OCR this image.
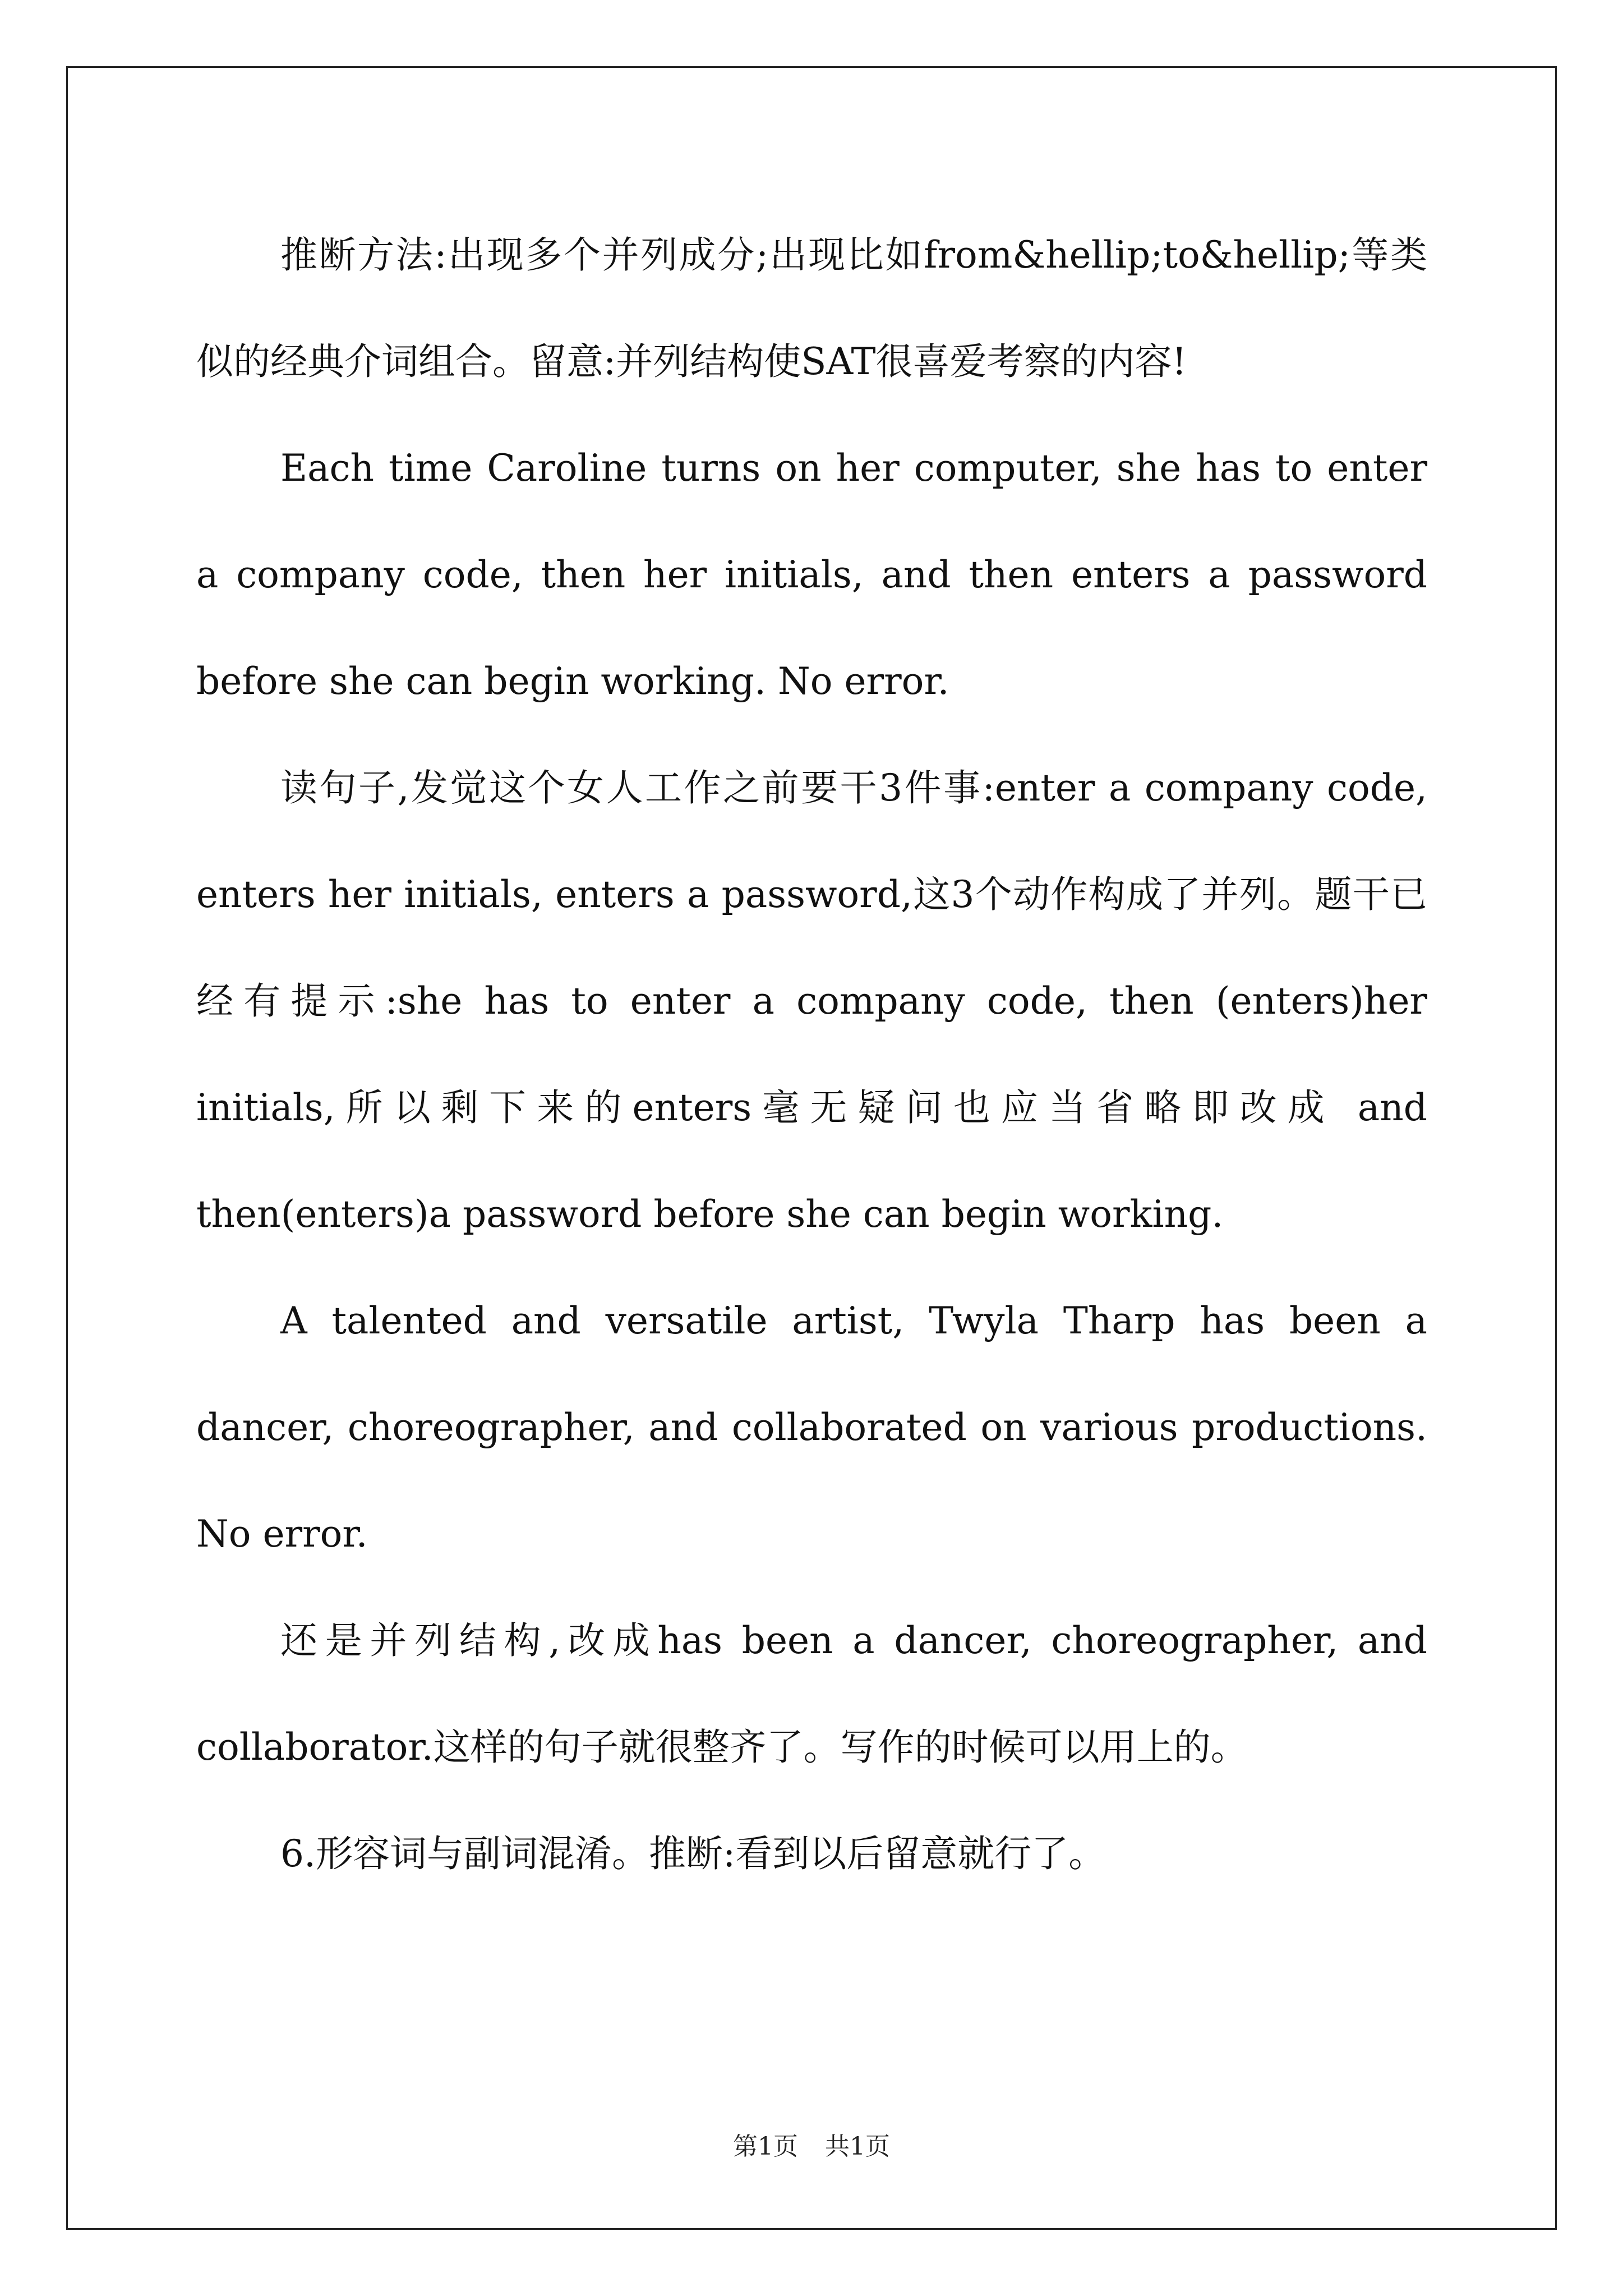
推断方法:出现多个并列成分;出现比如from&hellip;to&hellip;等类似的经典介词组合。留意:并列结构使SAT很喜爱考察的内容!

Each time Caroline turns on her computer, she has to enter a company code, then her initials, and then enters a password before she can begin working. No error.

读句子,发觉这个女人工作之前要干3件事:enter a company code, enters her initials, enters a password,这3个动作构成了并列。题干已经有提示:she has to enter a company code, then (enters)her initials,所以剩下来的enters毫无疑问也应当省略即改成 and then(enters)a password before she can begin working.

A talented and versatile artist, Twyla Tharp has been a dancer, choreographer, and collaborated on various productions. No error.

还是并列结构,改成has been a dancer, choreographer, and collaborator.这样的句子就很整齐了。写作的时候可以用上的。

6.形容词与副词混淆。推断:看到以后留意就行了。

第1页 共1页
